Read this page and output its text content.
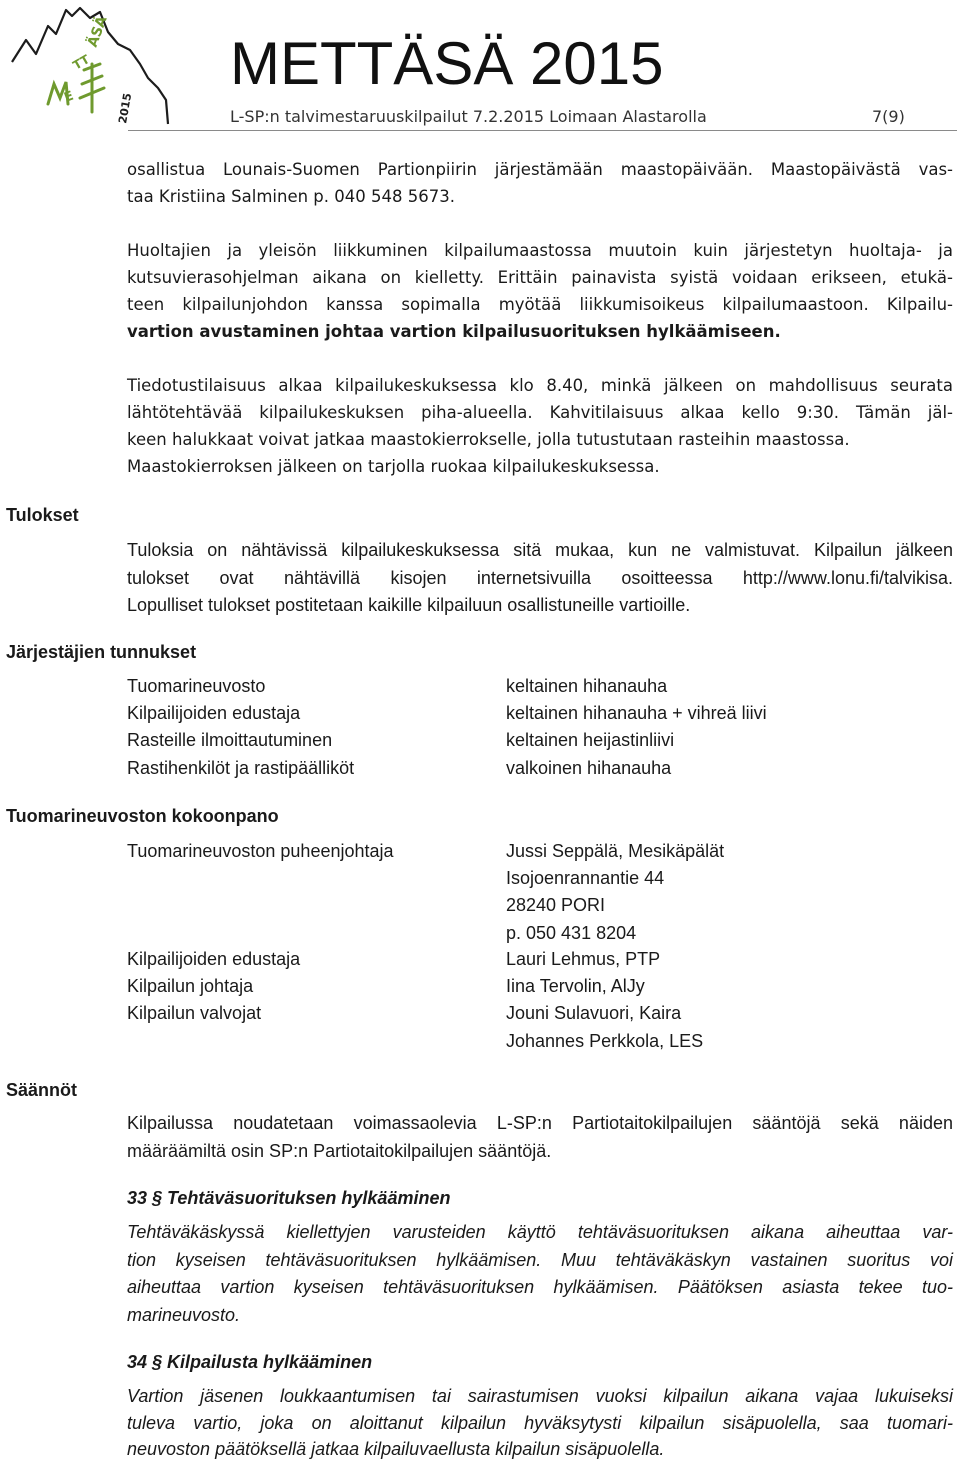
E
TT
ÄSÄ
2015
METTÄSÄ 2015
L-SP:n talvimestaruuskilpailut 7.2.2015 Loimaan Alastarolla	7(9)
osallistua Lounais-Suomen Partionpiirin järjestämään maastopäivään. Maastopäivästä vas-
taa Kristiina Salminen p. 040 548 5673.
Huoltajien ja yleisön liikkuminen kilpailumaastossa muutoin kuin järjestetyn huoltaja- ja
kutsuvierasohjelman aikana on kielletty. Erittäin painavista syistä voidaan erikseen, etukä-
teen kilpailunjohdon kanssa sopimalla myötää liikkumisoikeus kilpailumaastoon. Kilpailu-
vartion avustaminen johtaa vartion kilpailusuorituksen hylkäämiseen.
Tiedotustilaisuus alkaa kilpailukeskuksessa klo 8.40, minkä jälkeen on mahdollisuus seurata
lähtötehtävää kilpailukeskuksen piha-alueella. Kahvitilaisuus alkaa kello 9:30. Tämän jäl-
keen halukkaat voivat jatkaa maastokierrokselle, jolla tutustutaan rasteihin maastossa.
Maastokierroksen jälkeen on tarjolla ruokaa kilpailukeskuksessa.
Tulokset
Tuloksia on nähtävissä kilpailukeskuksessa sitä mukaa, kun ne valmistuvat. Kilpailun jälkeen
tulokset ovat nähtävillä kisojen internetsivuilla osoitteessa http://www.lonu.fi/talvikisa.
Lopulliset tulokset postitetaan kaikille kilpailuun osallistuneille vartioille.
Järjestäjien tunnukset
Tuomarineuvosto
Kilpailijoiden edustaja
Rasteille ilmoittautuminen
Rastihenkilöt ja rastipäälliköt
keltainen hihanauha
keltainen hihanauha + vihreä liivi
keltainen heijastinliivi
valkoinen hihanauha
Tuomarineuvoston kokoonpano
Tuomarineuvoston puheenjohtaja	Jussi Seppälä, Mesikäpälät
Isojoenrannantie 44
28240 PORI
p. 050 431 8204
Kilpailijoiden edustaja
Kilpailun johtaja
Kilpailun valvojat
Lauri Lehmus, PTP
Iina Tervolin, AlJy
Jouni Sulavuori, Kaira
Johannes Perkkola, LES
Säännöt
Kilpailussa noudatetaan voimassaolevia L-SP:n Partiotaitokilpailujen sääntöjä sekä näiden
määräämiltä osin SP:n Partiotaitokilpailujen sääntöjä.
33 § Tehtäväsuorituksen hylkääminen
Tehtäväkäskyssä kiellettyjen varusteiden käyttö tehtäväsuorituksen aikana aiheuttaa var-
tion kyseisen tehtäväsuorituksen hylkäämisen. Muu tehtäväkäskyn vastainen suoritus voi
aiheuttaa vartion kyseisen tehtäväsuorituksen hylkäämisen. Päätöksen asiasta tekee tuo-
marineuvosto.
34 § Kilpailusta hylkääminen
Vartion jäsenen loukkaantumisen tai sairastumisen vuoksi kilpailun aikana vajaa lukuiseksi
tuleva vartio, joka on aloittanut kilpailun hyväksytysti kilpailun sisäpuolella, saa tuomari-
neuvoston päätöksellä jatkaa kilpailuvaellusta kilpailun sisäpuolella.
